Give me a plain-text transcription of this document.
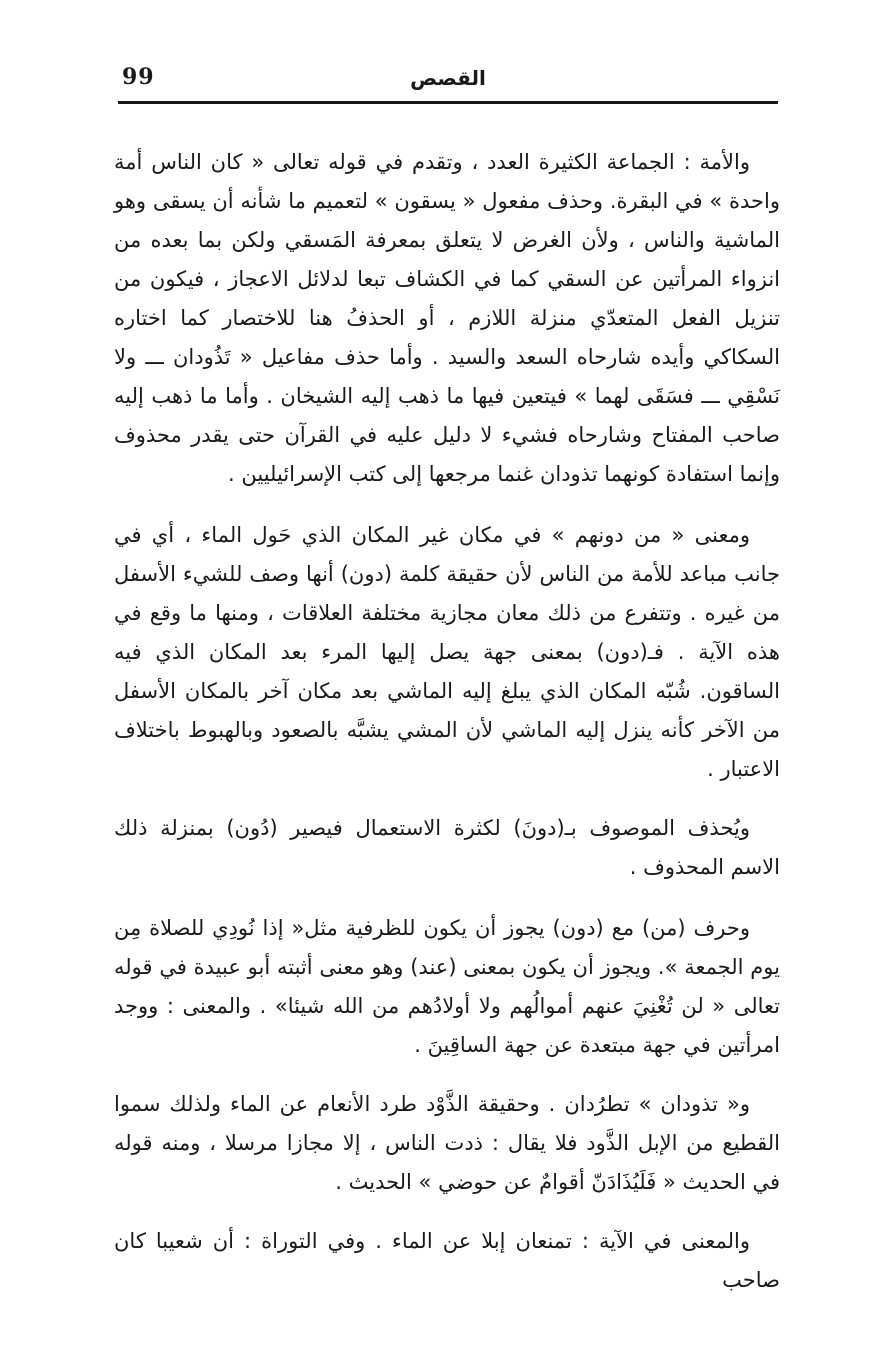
99	القصص

والأمة : الجماعة الكثيرة العدد ، وتقدم في قوله تعالى « كان الناس أمة واحدة » في البقرة. وحذف مفعول « يسقون » لتعميم ما شأنه أن يسقى وهو الماشية والناس ، ولأن الغرض لا يتعلق بمعرفة المَسقي ولكن بما بعده من انزواء المرأتين عن السقي كما في الكشاف تبعا لدلائل الاعجاز ، فيكون من تنزيل الفعل المتعدّي منزلة اللازم ، أو الحذفُ هنا للاختصار كما اختاره السكاكي وأيده شارحاه السعد والسيد . وأما حذف مفاعيل « تَذُودان ـــ ولا نَسْقِي ـــ فسَقَى لهما » فيتعين فيها ما ذهب إليه الشيخان . وأما ما ذهب إليه صاحب المفتاح وشارحاه فشيء لا دليل عليه في القرآن حتى يقدر محذوف وإنما استفادة كونهما تذودان غنما مرجعها إلى كتب الإسرائيليين .

ومعنى « من دونهم » في مكان غير المكان الذي حَول الماء ، أي في جانب مباعد للأمة من الناس لأن حقيقة كلمة (دون) أنها وصف للشيء الأسفل من غيره . وتتفرع من ذلك معان مجازية مختلفة العلاقات ، ومنها ما وقع في هذه الآية . فـ(دون) بمعنى جهة يصل إليها المرء بعد المكان الذي فيه الساقون. شُبّه المكان الذي يبلغ إليه الماشي بعد مكان آخر بالمكان الأسفل من الآخر كأنه ينزل إليه الماشي لأن المشي يشبَّه بالصعود وبالهبوط باختلاف الاعتبار .

ويُحذف الموصوف بـ(دونَ) لكثرة الاستعمال فيصير (دُون) بمنزلة ذلك الاسم المحذوف .

وحرف (من) مع (دون) يجوز أن يكون للظرفية مثل« إذا نُودِي للصلاة مِن يوم الجمعة ». ويجوز أن يكون بمعنى (عند) وهو معنى أثبته أبو عبيدة في قوله تعالى « لن تُغْنِيَ عنهم أموالُهم ولا أولادُهم من الله شيئا» . والمعنى : ووجد امرأتين في جهة مبتعدة عن جهة الساقِينَ .

و« تذودان » تطرُدان . وحقيقة الذَّوْد طرد الأنعام عن الماء ولذلك سموا القطيع من الإبل الذَّود فلا يقال : ذدت الناس ، إلا مجازا مرسلا ، ومنه قوله في الحديث « فَلَيُذَادَنّ أقوامٌ عن حوضي » الحديث .

والمعنى في الآية : تمنعان إبلا عن الماء . وفي التوراة : أن شعيبا كان صاحب
